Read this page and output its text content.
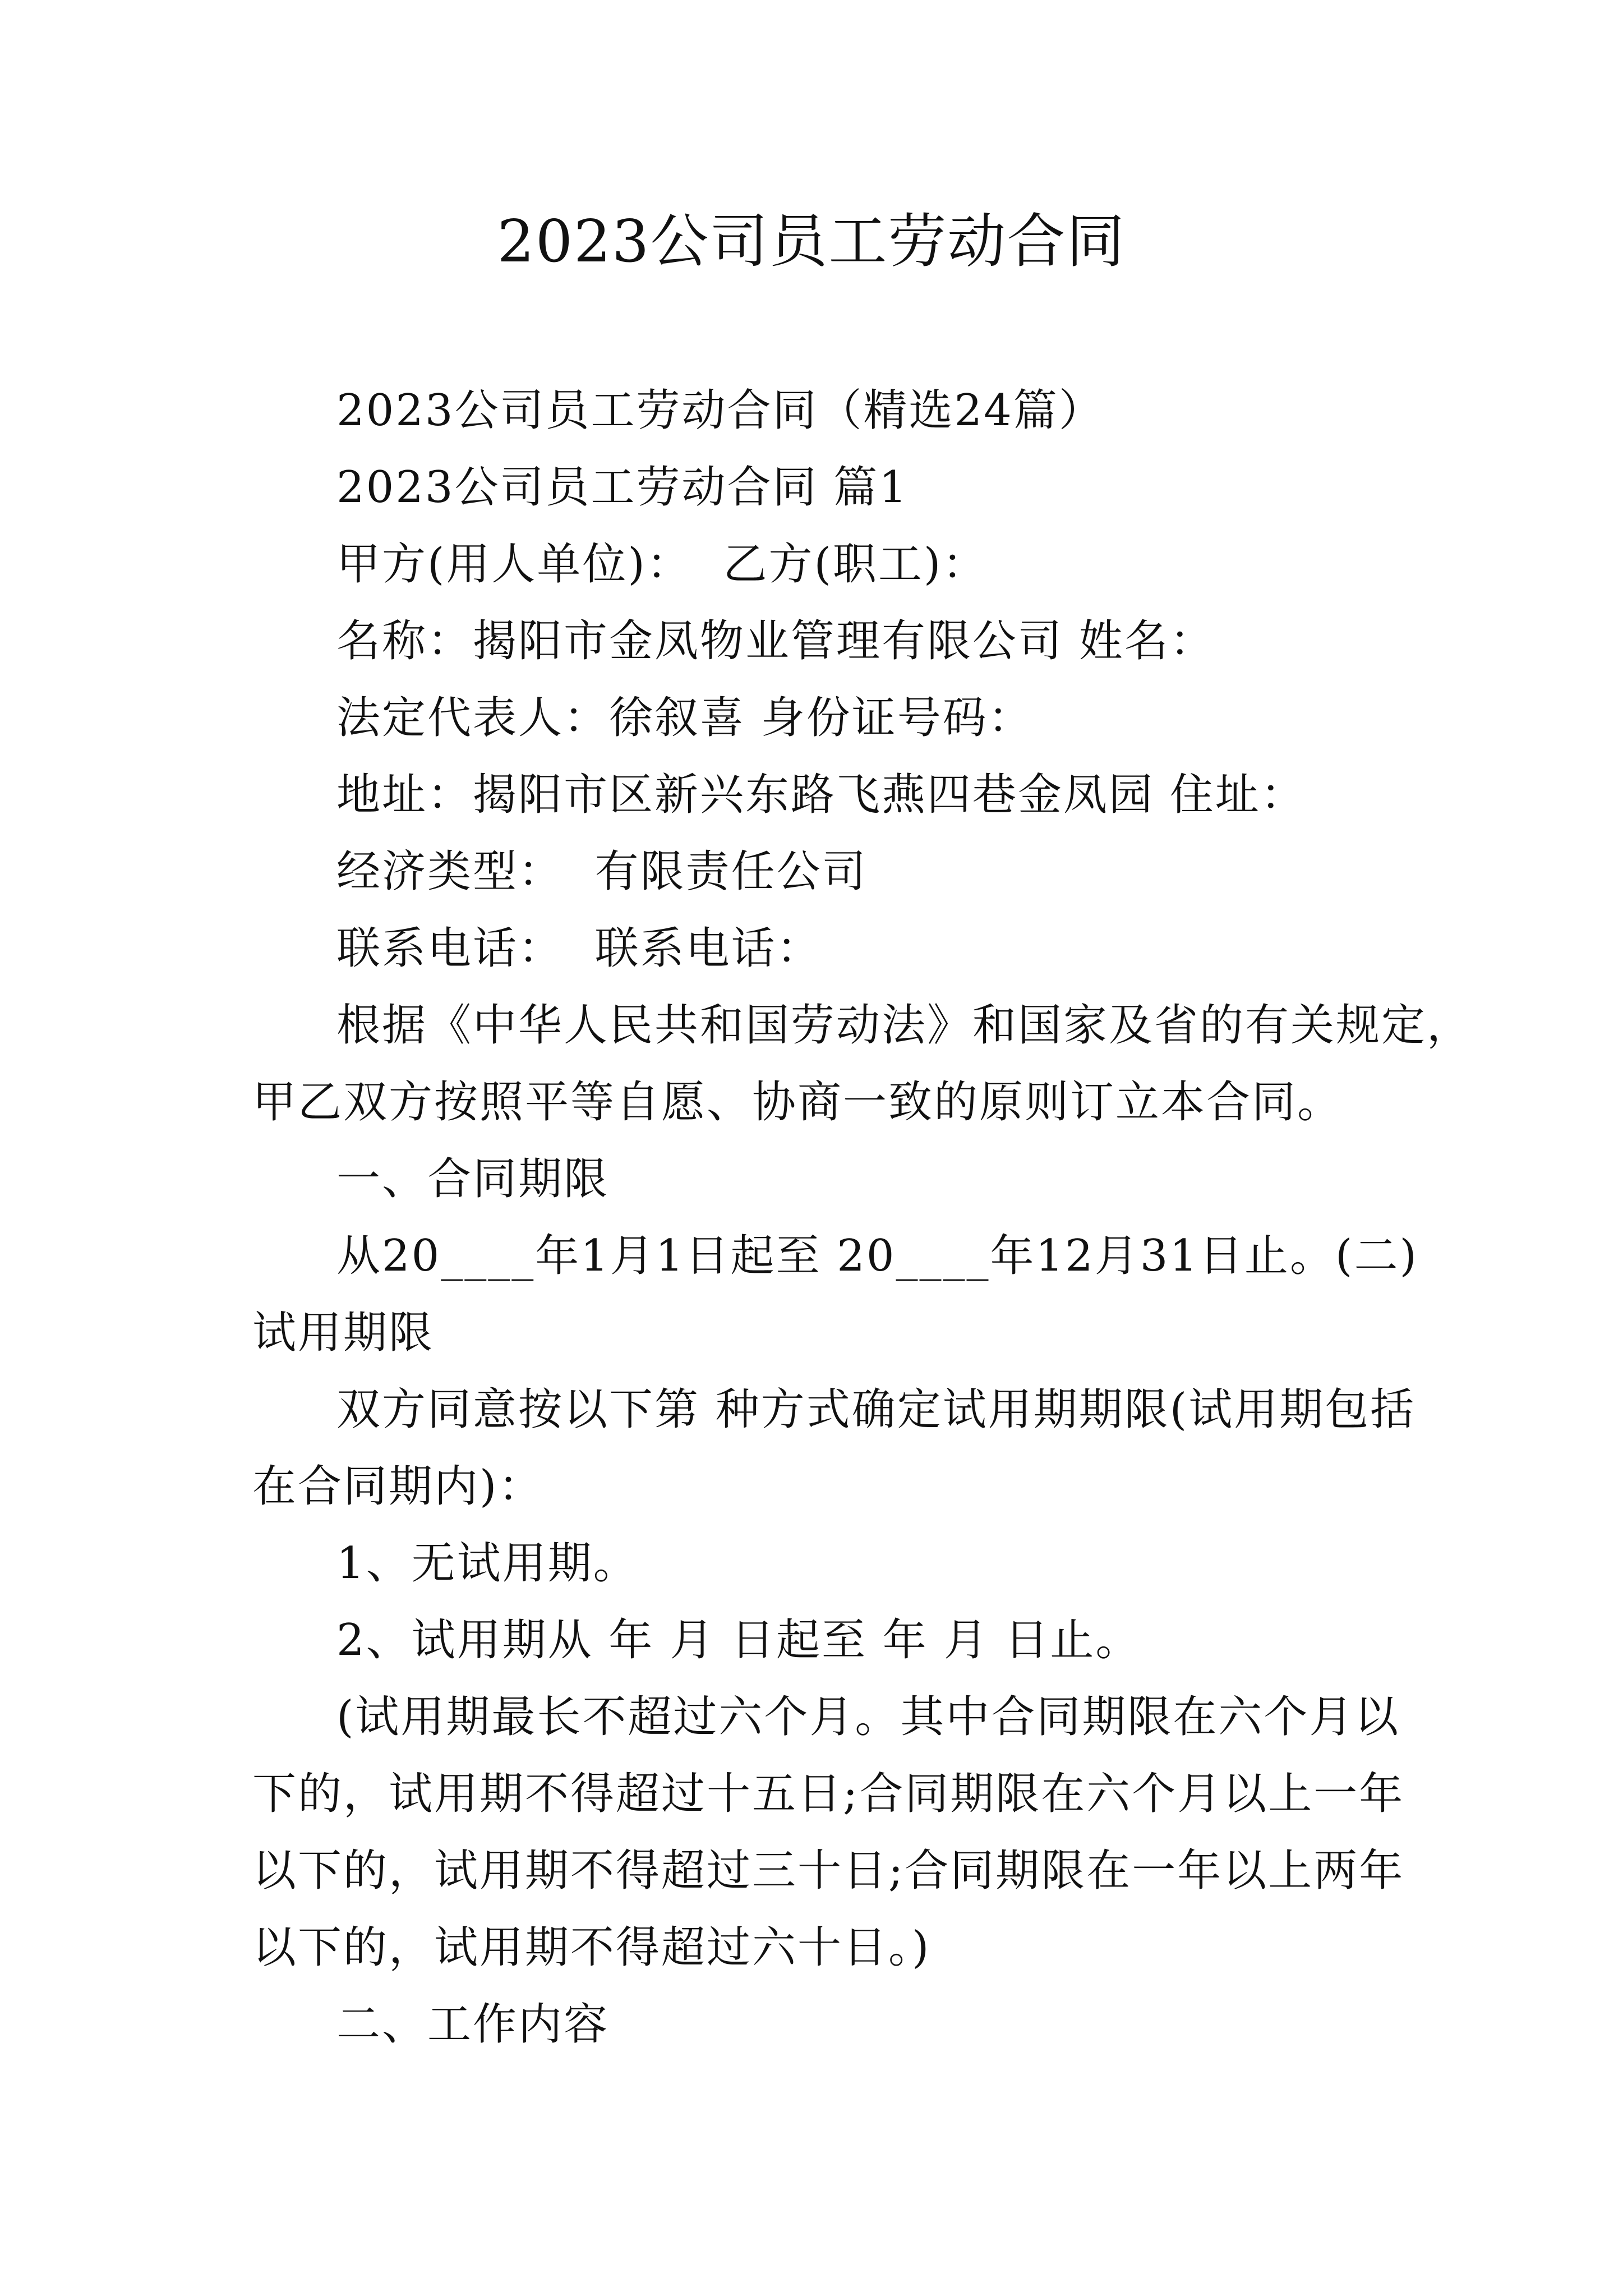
2023公司员工劳动合同

2023公司员工劳动合同（精选24篇）

2023公司员工劳动合同 篇1

甲方(用人单位)：  乙方(职工)：

名称：揭阳市金凤物业管理有限公司 姓名：

法定代表人：徐叙喜 身份证号码：

地址：揭阳市区新兴东路飞燕四巷金凤园 住址：

经济类型：  有限责任公司

联系电话：  联系电话：

根据《中华人民共和国劳动法》和国家及省的有关规定，
甲乙双方按照平等自愿、协商一致的原则订立本合同。

一、合同期限

从20____年1月1日起至 20____年12月31日止。(二)
试用期限

双方同意按以下第 种方式确定试用期期限(试用期包括
在合同期内)：

1、无试用期。

2、试用期从 年 月 日起至 年 月 日止。

(试用期最长不超过六个月。其中合同期限在六个月以
下的，试用期不得超过十五日;合同期限在六个月以上一年
以下的，试用期不得超过三十日;合同期限在一年以上两年
以下的，试用期不得超过六十日。)

二、工作内容
